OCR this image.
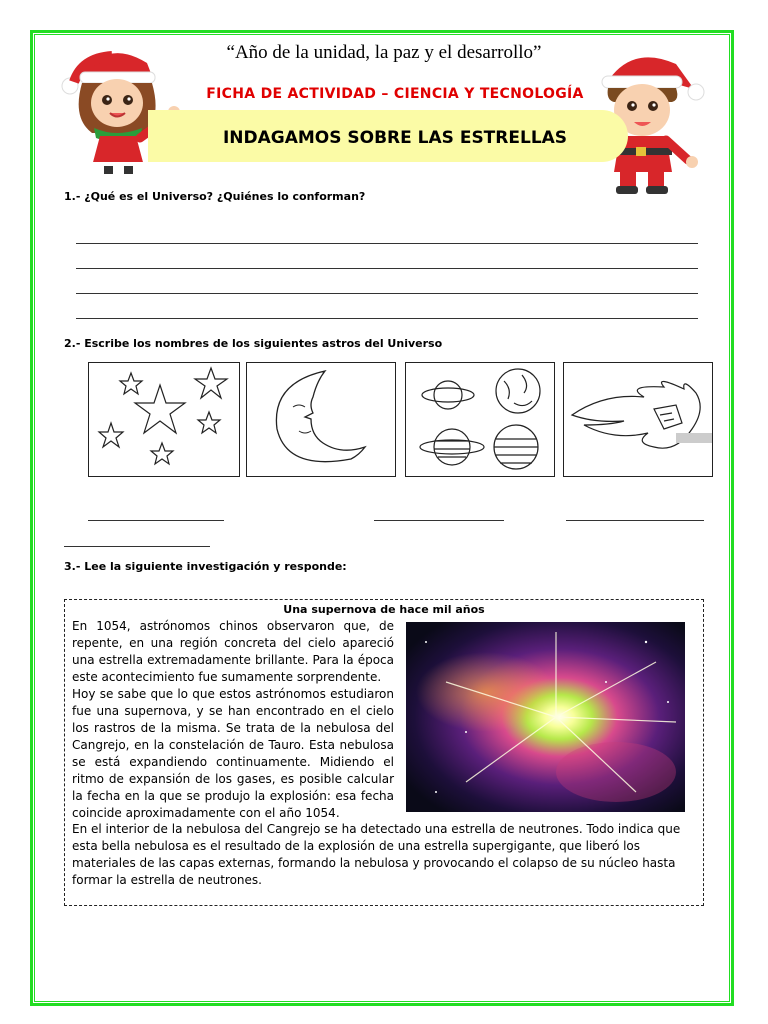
“Año de la unidad, la paz y el desarrollo”
FICHA DE ACTIVIDAD – CIENCIA Y TECNOLOGÍA
INDAGAMOS SOBRE LAS ESTRELLAS
1.- ¿Qué es el Universo? ¿Quiénes lo conforman?
2.- Escribe los nombres de los siguientes astros del Universo
3.- Lee la siguiente investigación y responde:
Una supernova de hace mil años
En 1054, astrónomos chinos observaron que, de repente, en una región concreta del cielo apareció una estrella extremadamente brillante. Para la época este acontecimiento fue sumamente sorprendente.
Hoy se sabe que lo que estos astrónomos estudiaron fue una supernova, y se han encontrado en el cielo los rastros de la misma. Se trata de la nebulosa del Cangrejo, en la constelación de Tauro. Esta nebulosa se está expandiendo continuamente. Midiendo el ritmo de expansión de los gases, es posible calcular la fecha en la que se produjo la explosión: esa fecha coincide aproximadamente con el año 1054.
En el interior de la nebulosa del Cangrejo se ha detectado una estrella de neutrones. Todo indica que esta bella nebulosa es el resultado de la explosión de una estrella supergigante, que liberó los materiales de las capas externas, formando la nebulosa y provocando el colapso de su núcleo hasta formar la estrella de neutrones.
